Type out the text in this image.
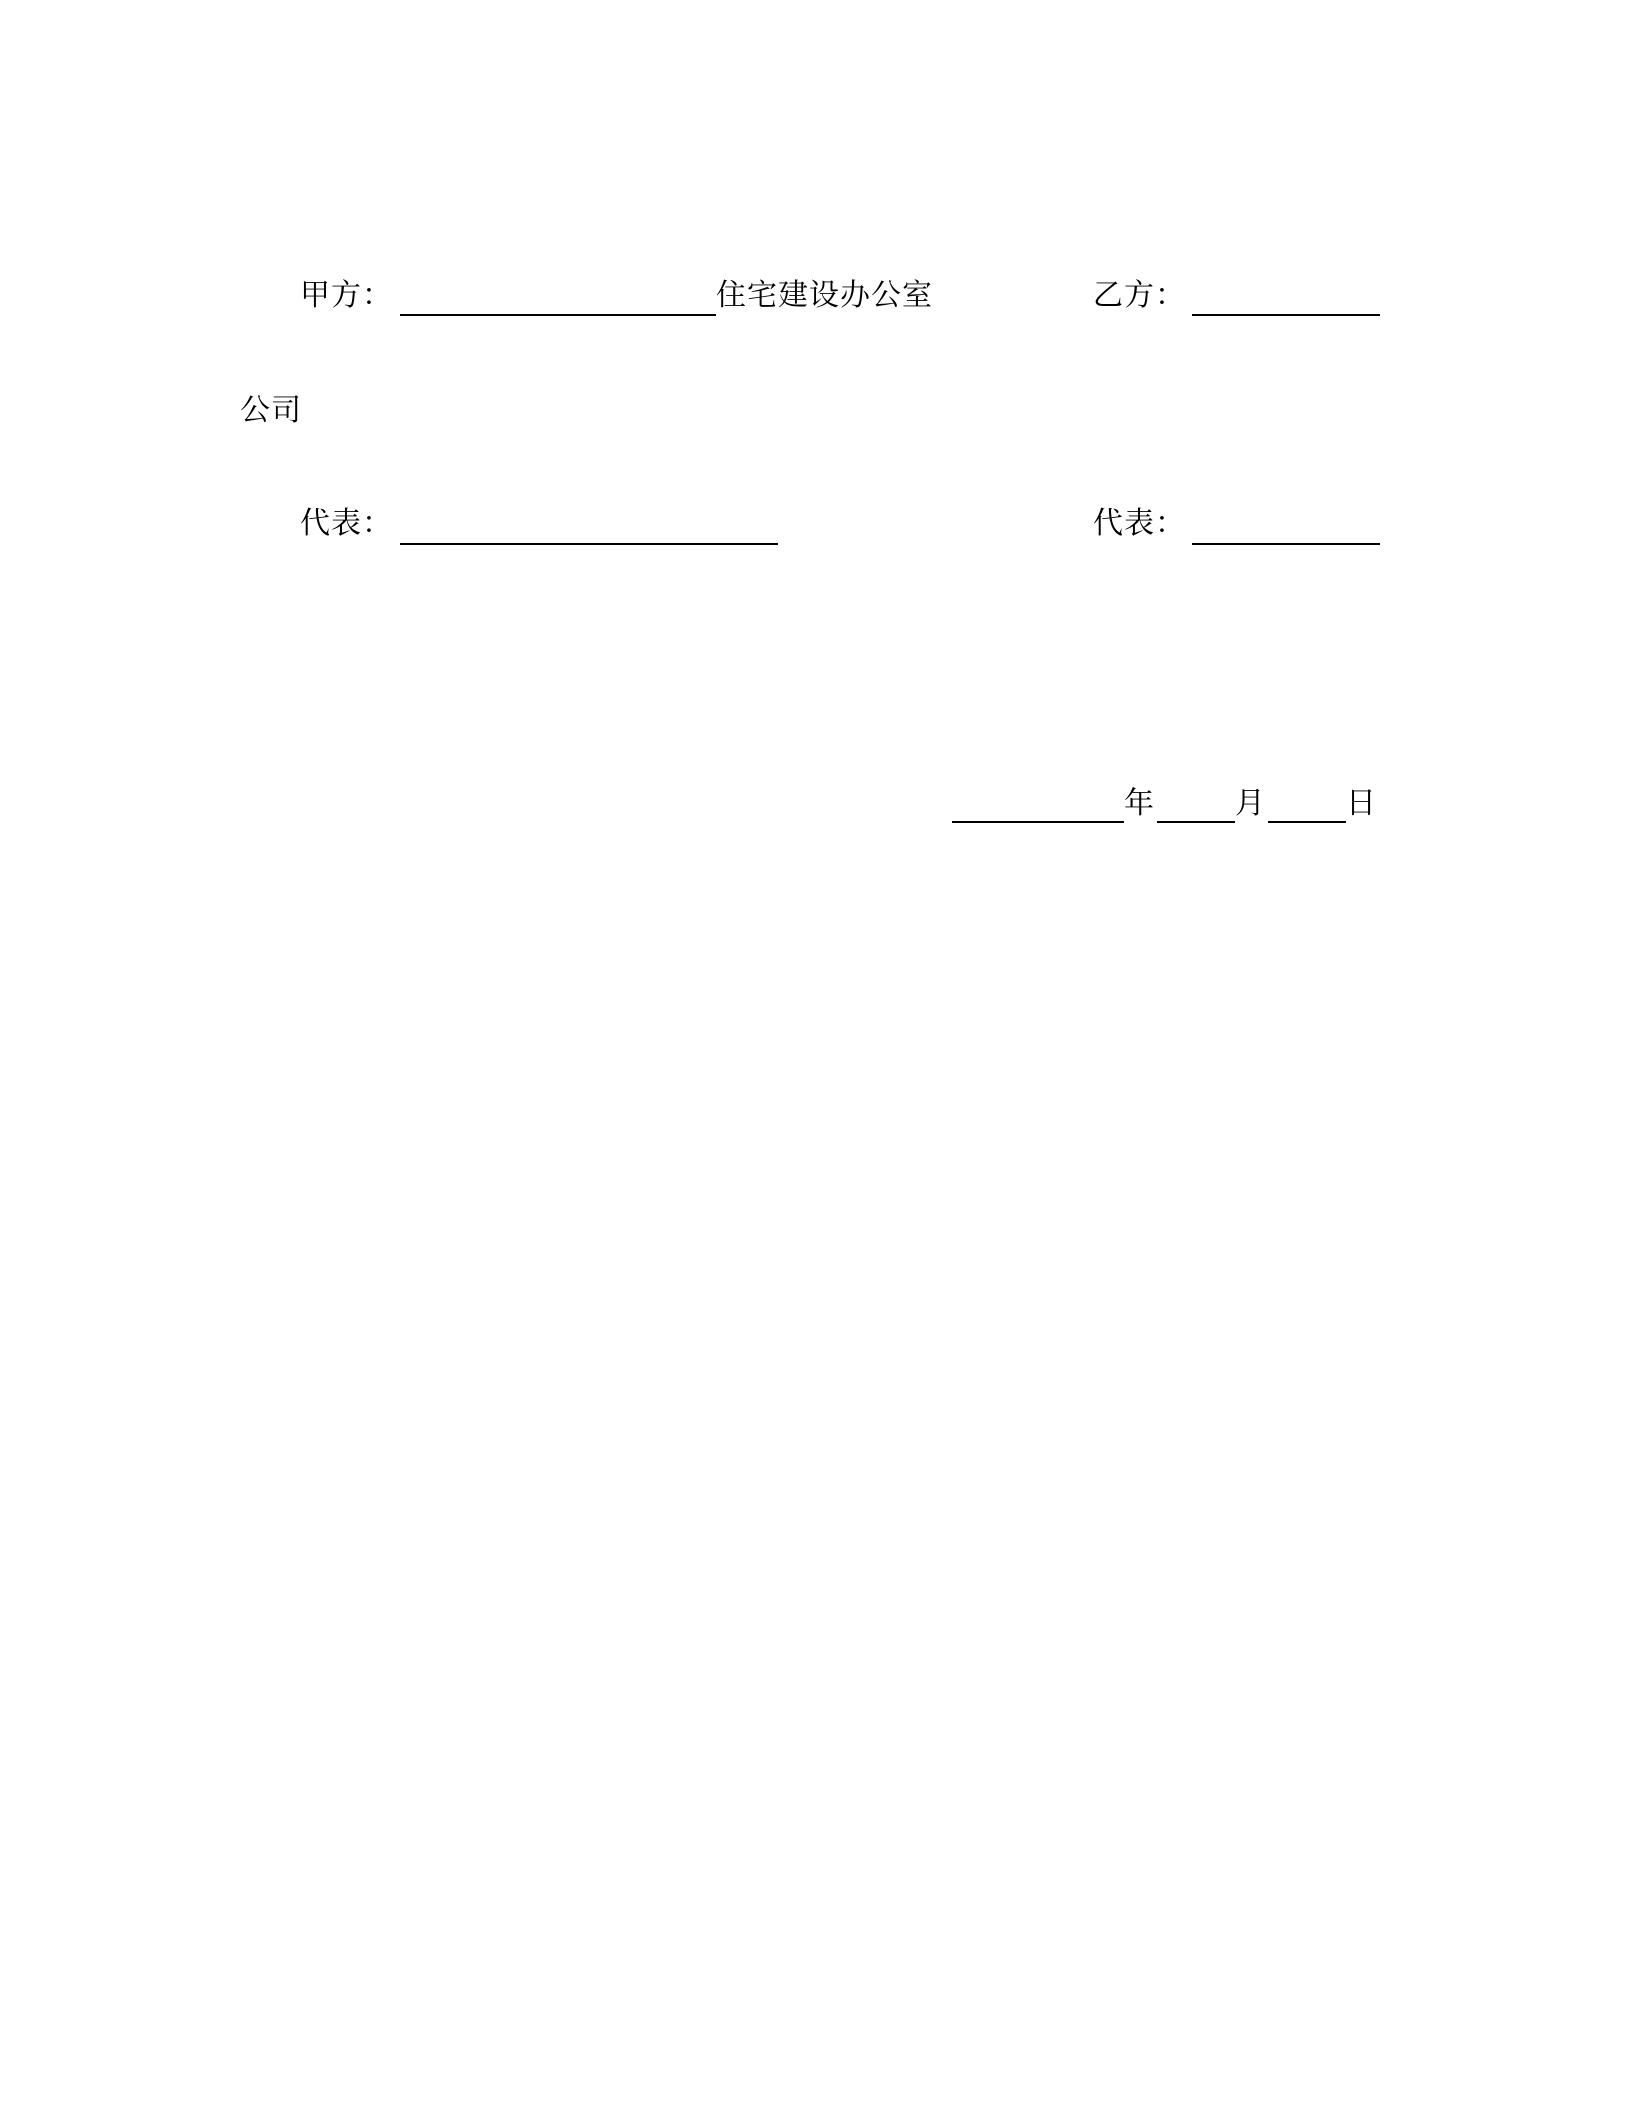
甲方：	住宅建设办公室	乙方：
公司
代表：	代表：
年	月	日
